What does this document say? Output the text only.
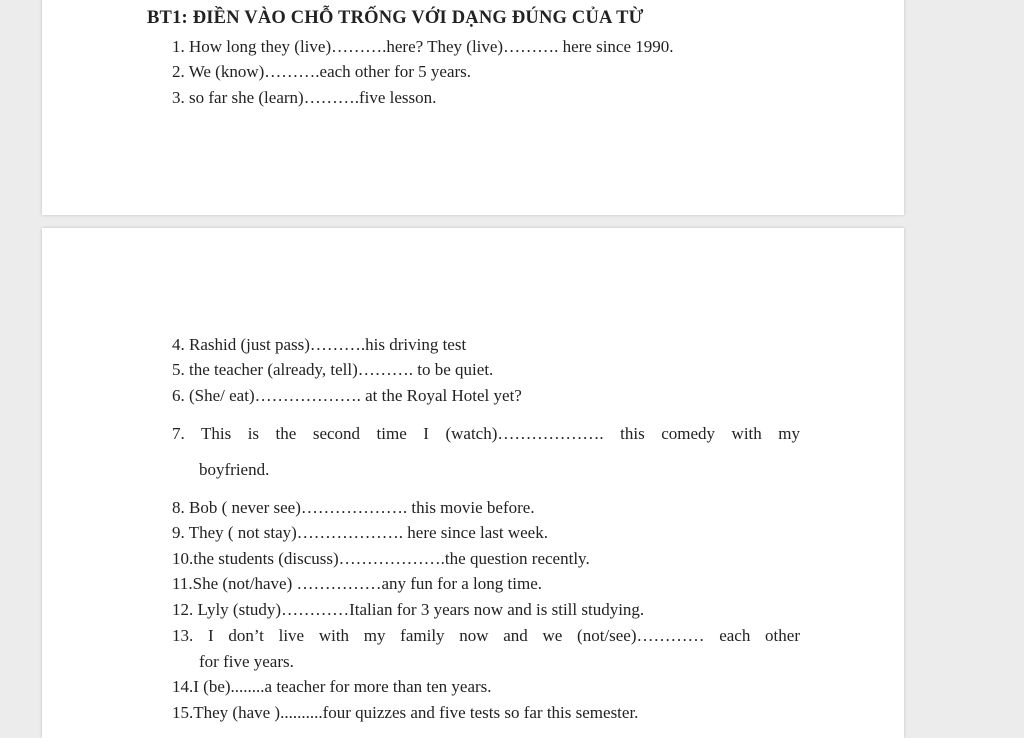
BT1: ĐIỀN VÀO CHỖ TRỐNG VỚI DẠNG ĐÚNG CỦA TỪ
1. How long they (live)……….here? They (live)………. here since 1990.
2. We (know)……….each other for 5 years.
3. so far she (learn)……….five lesson.
4. Rashid (just pass)……….his driving test
5. the teacher (already, tell)………. to be quiet.
6. (She/ eat)………………. at the Royal Hotel yet?
7. This is the second time I (watch)………………. this comedy with my
boyfriend.
8. Bob ( never see)………………. this movie before.
9. They ( not stay)………………. here since last week.
10.the students (discuss)……………….the question recently.
11.She (not/have) ……………any fun for a long time.
12. Lyly (study)…………Italian for 3 years now and is still studying.
13. I don’t live with my family now and we (not/see)………… each other
for five years.
14.I (be)........a teacher for more than ten years.
15.They (have )..........four quizzes and five tests so far this semester.
